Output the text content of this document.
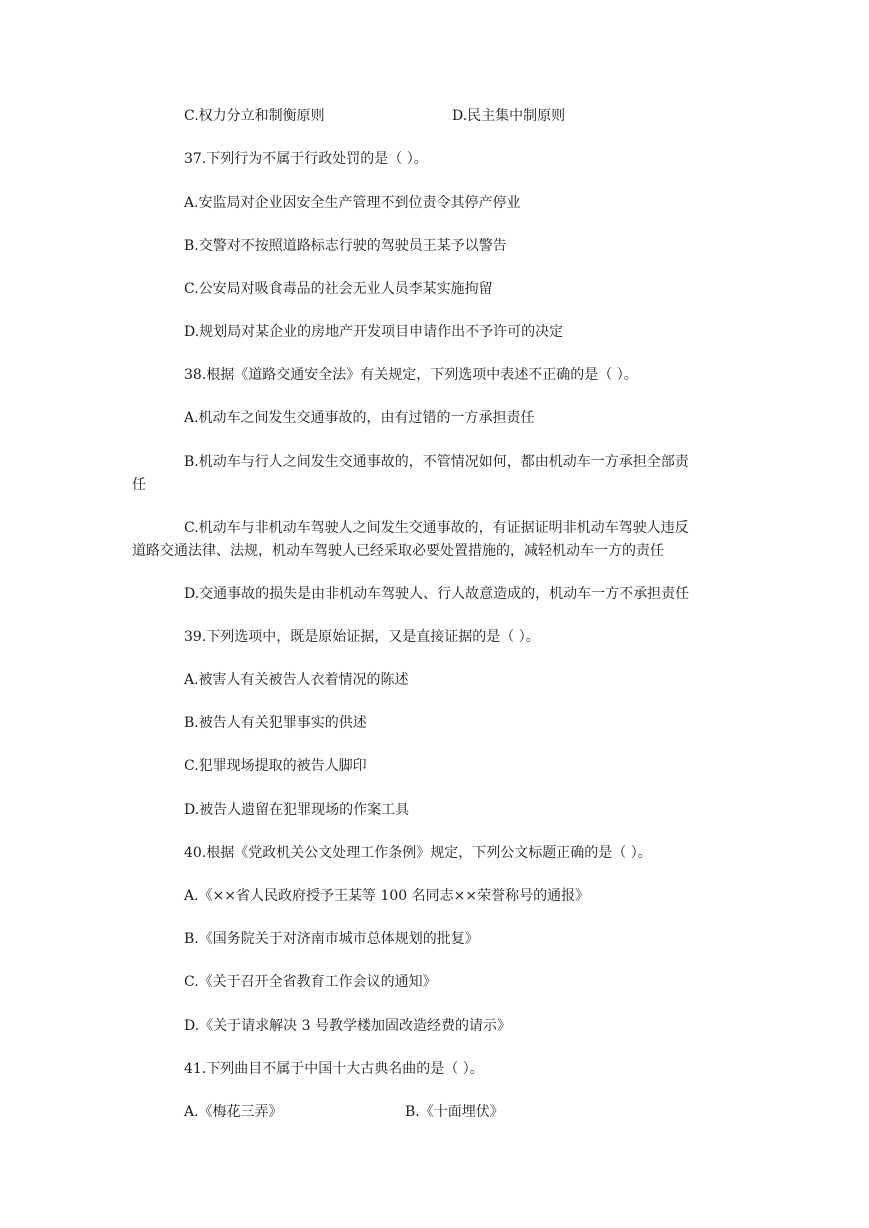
C.权力分立和制衡原则	D.民主集中制原则
37.下列行为不属于行政处罚的是（ ）。
A.安监局对企业因安全生产管理不到位责令其停产停业
B.交警对不按照道路标志行驶的驾驶员王某予以警告
C.公安局对吸食毒品的社会无业人员李某实施拘留
D.规划局对某企业的房地产开发项目申请作出不予许可的决定
38.根据《道路交通安全法》有关规定，下列选项中表述不正确的是（ ）。
A.机动车之间发生交通事故的，由有过错的一方承担责任
B.机动车与行人之间发生交通事故的，不管情况如何，都由机动车一方承担全部责
任
C.机动车与非机动车驾驶人之间发生交通事故的，有证据证明非机动车驾驶人违反
道路交通法律、法规，机动车驾驶人已经采取必要处置措施的，减轻机动车一方的责任
D.交通事故的损失是由非机动车驾驶人、行人故意造成的，机动车一方不承担责任
39.下列选项中，既是原始证据，又是直接证据的是（ ）。
A.被害人有关被告人衣着情况的陈述
B.被告人有关犯罪事实的供述
C.犯罪现场提取的被告人脚印
D.被告人遗留在犯罪现场的作案工具
40.根据《党政机关公文处理工作条例》规定，下列公文标题正确的是（ ）。
A.《××省人民政府授予王某等 100 名同志××荣誉称号的通报》
B.《国务院关于对济南市城市总体规划的批复》
C.《关于召开全省教育工作会议的通知》
D.《关于请求解决 3 号教学楼加固改造经费的请示》
41.下列曲目不属于中国十大古典名曲的是（ ）。
A.《梅花三弄》	B.《十面埋伏》
